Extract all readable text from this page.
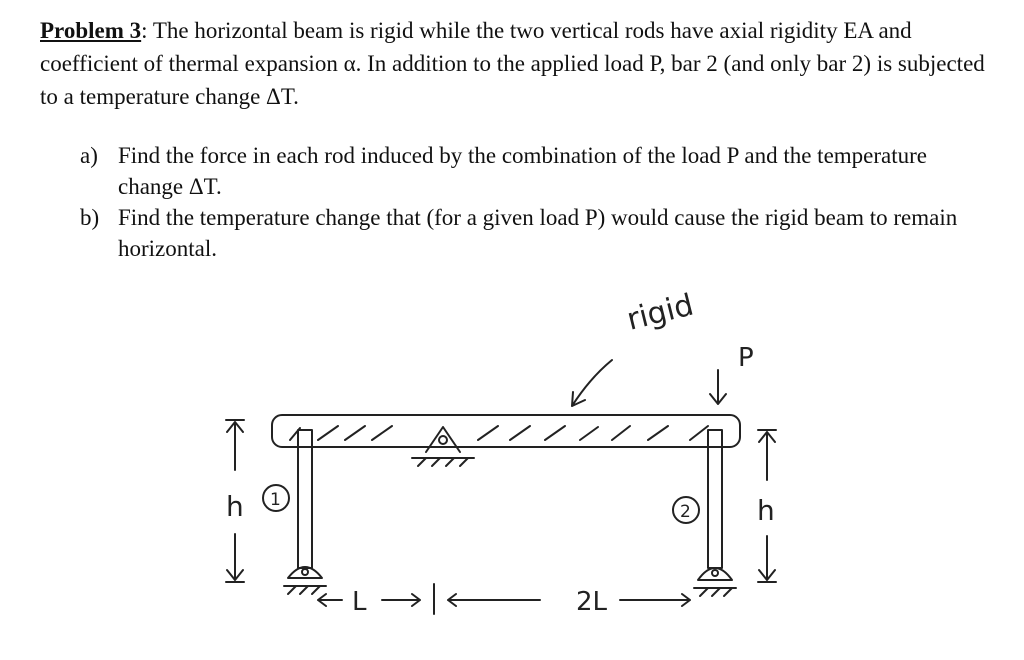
Problem 3: The horizontal beam is rigid while the two vertical rods have axial rigidity EA and coefficient of thermal expansion α. In addition to the applied load P, bar 2 (and only bar 2) is subjected to a temperature change ΔT.
a) Find the force in each rod induced by the combination of the load P and the temperature change ΔT.
b) Find the temperature change that (for a given load P) would cause the rigid beam to remain horizontal.
rigid
P
1
2
h	h
L	2L
